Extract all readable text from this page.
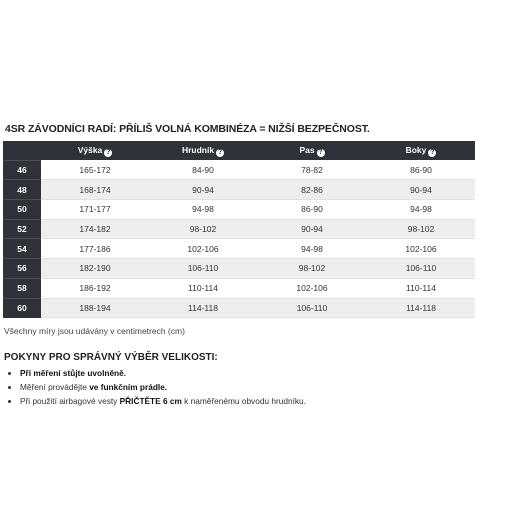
4SR ZÁVODNÍCI RADÍ: PŘÍLIŠ VOLNÁ KOMBINÉZA = NIŽŠÍ BEZPEČNOST.
	Výška ?	Hrudník ?	Pas ?	Boky ?
46	165-172	84-90	78-82	86-90
48	168-174	90-94	82-86	90-94
50	171-177	94-98	86-90	94-98
52	174-182	98-102	90-94	98-102
54	177-186	102-106	94-98	102-106
56	182-190	106-110	98-102	106-110
58	186-192	110-114	102-106	110-114
60	188-194	114-118	106-110	114-118
Všechny míry jsou udávány v centimetrech (cm)
POKYNY PRO SPRÁVNÝ VÝBĚR VELIKOSTI:
• Při měření stůjte uvolněně.
• Měření provádějte ve funkčním prádle.
• Při použití airbagové vesty PŘIČTĚTE 6 cm k naměřenému obvodu hrudníku.
